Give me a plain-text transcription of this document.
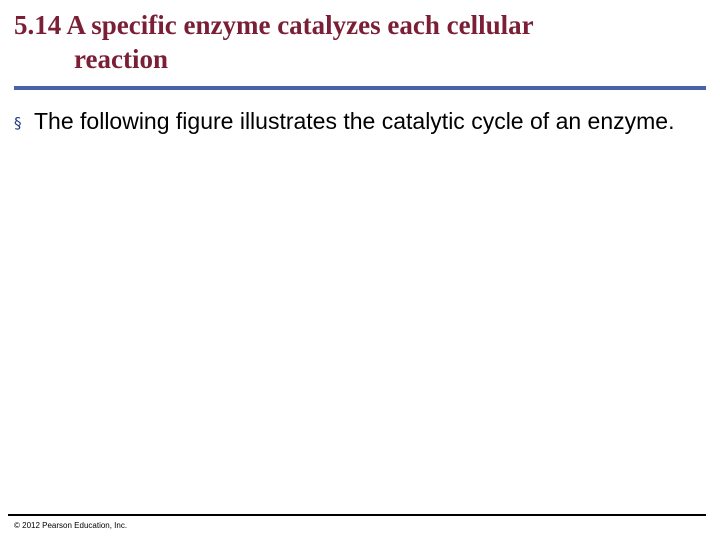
5.14 A specific enzyme catalyzes each cellular
reaction
§ The following figure illustrates the catalytic cycle of an enzyme.
© 2012 Pearson Education, Inc.
